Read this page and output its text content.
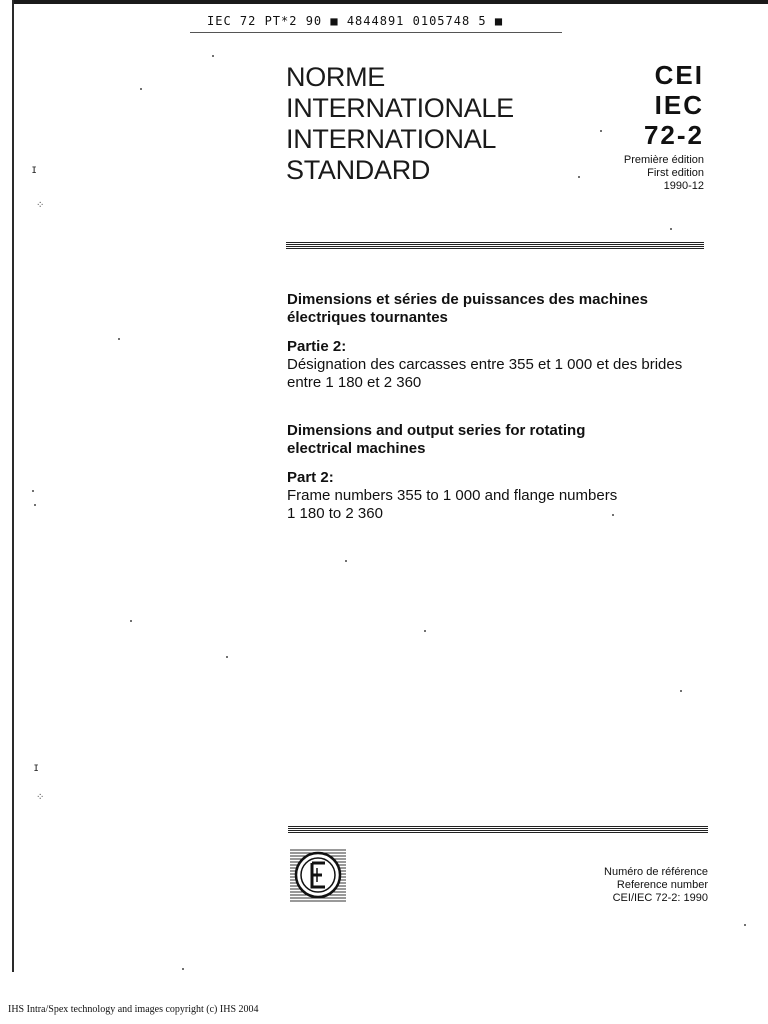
IEC 72 PT*2 90 ■ 4844891 0105748 5 ■
NORME
INTERNATIONALE
INTERNATIONAL
STANDARD
CEI
IEC
72-2
Première édition
First edition
1990-12
Dimensions et séries de puissances des machines électriques tournantes
Partie 2:
Désignation des carcasses entre 355 et 1 000 et des brides entre 1 180 et 2 360
Dimensions and output series for rotating electrical machines
Part 2:
Frame numbers 355 to 1 000 and flange numbers 1 180 to 2 360
Numéro de référence
Reference number
CEI/IEC 72-2: 1990
IHS Intra/Spex technology and images copyright (c) IHS 2004
ɪ
⁘
ɪ
⁘
